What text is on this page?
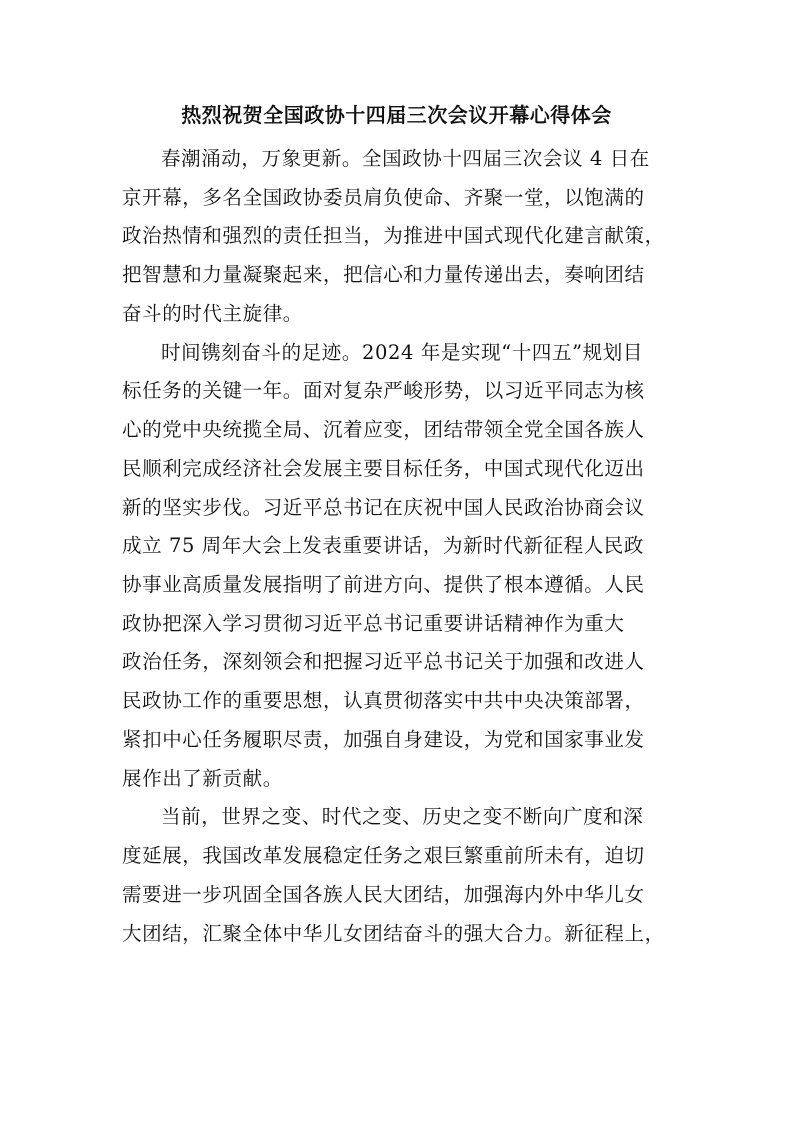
热烈祝贺全国政协十四届三次会议开幕心得体会

春潮涌动，万象更新。全国政协十四届三次会议 4 日在

京开幕，多名全国政协委员肩负使命、齐聚一堂，以饱满的

政治热情和强烈的责任担当，为推进中国式现代化建言献策，

把智慧和力量凝聚起来，把信心和力量传递出去，奏响团结

奋斗的时代主旋律。

时间镌刻奋斗的足迹。2024 年是实现“十四五”规划目

标任务的关键一年。面对复杂严峻形势，以习近平同志为核

心的党中央统揽全局、沉着应变，团结带领全党全国各族人

民顺利完成经济社会发展主要目标任务，中国式现代化迈出

新的坚实步伐。习近平总书记在庆祝中国人民政治协商会议

成立 75 周年大会上发表重要讲话，为新时代新征程人民政

协事业高质量发展指明了前进方向、提供了根本遵循。人民

政协把深入学习贯彻习近平总书记重要讲话精神作为重大

政治任务，深刻领会和把握习近平总书记关于加强和改进人

民政协工作的重要思想，认真贯彻落实中共中央决策部署，

紧扣中心任务履职尽责，加强自身建设，为党和国家事业发

展作出了新贡献。

当前，世界之变、时代之变、历史之变不断向广度和深

度延展，我国改革发展稳定任务之艰巨繁重前所未有，迫切

需要进一步巩固全国各族人民大团结，加强海内外中华儿女

大团结，汇聚全体中华儿女团结奋斗的强大合力。新征程上，
